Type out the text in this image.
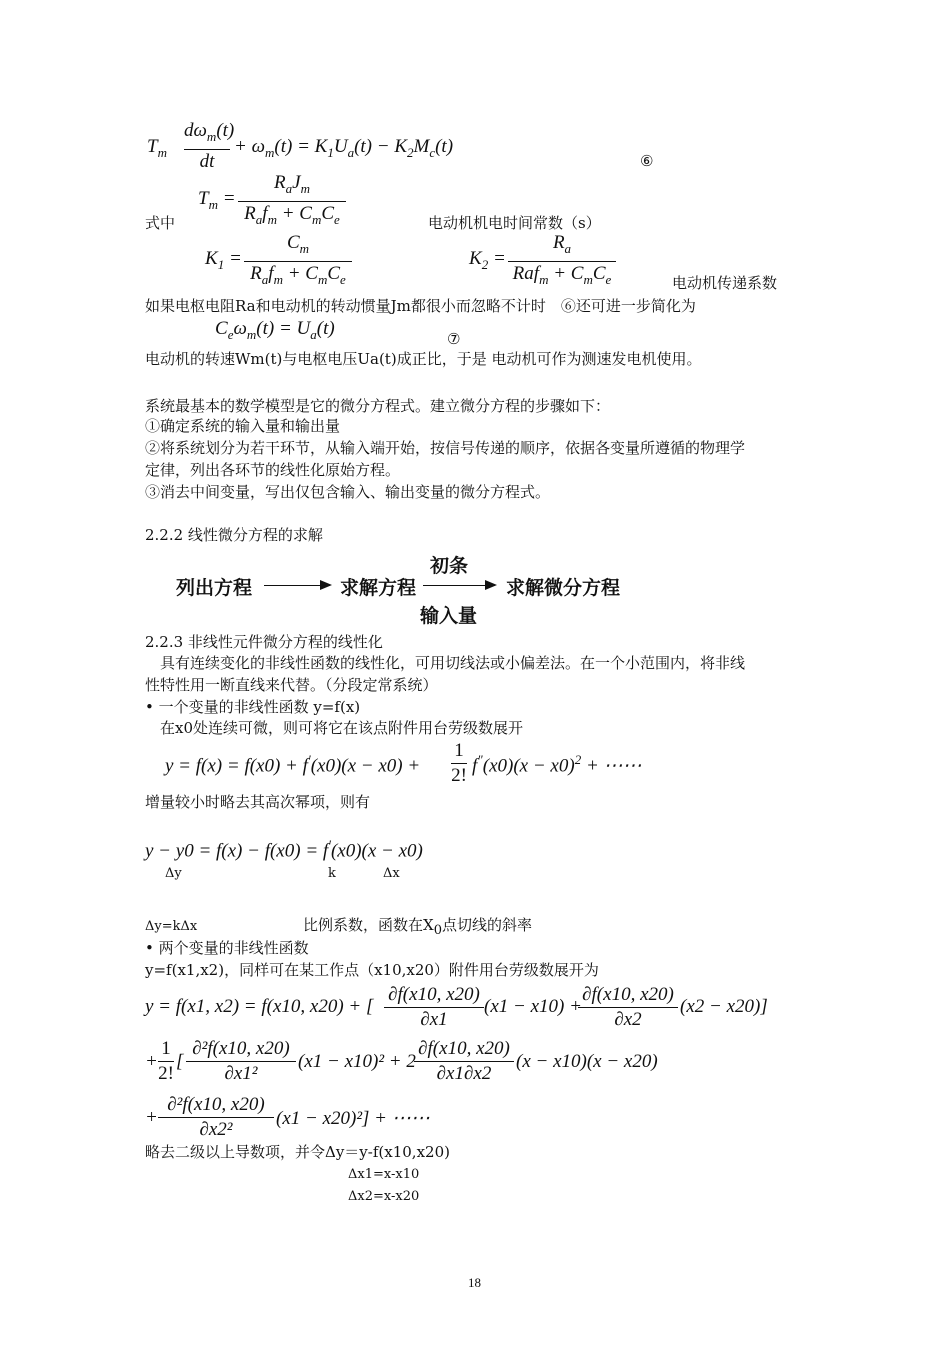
$T_m$
$d\omega_m(t)$
dt
+ $\omega_m(t) = K_1U_a(t) - K_2M_c(t)$
⑥
式中
$T_m$ =
$R_aJ_m$
$R_af_m + C_mC_e$	电动机机电时间常数（s）
$K_1$ =
$C_m$
$R_af_m + C_mC_e$
$K_2$ =
$R_a$
$Raf_m + C_mC_e$	电动机传递系数
如果电枢电阻Ra和电动机的转动惯量Jm都很小而忽略不计时　⑥还可进一步简化为
$C_e\omega_m(t) = U_a(t)$	⑦
电动机的转速Wm(t)与电枢电压Ua(t)成正比，于是 电动机可作为测速发电机使用。
系统最基本的数学模型是它的微分方程式。建立微分方程的步骤如下：
①确定系统的输入量和输出量
②将系统划分为若干环节，从输入端开始，按信号传递的顺序，依据各变量所遵循的物理学
定律，列出各环节的线性化原始方程。
③消去中间变量，写出仅包含输入、输出变量的微分方程式。
2.2.2 线性微分方程的求解
初条
列出方程	求解方程	求解微分方程
输入量
2.2.3 非线性元件微分方程的线性化
具有连续变化的非线性函数的线性化，可用切线法或小偏差法。在一个小范围内，将非线
性特性用一断直线来代替。（分段定常系统）
• 一个变量的非线性函数 y=f(x)
在x0处连续可微，则可将它在该点附件用台劳级数展开
y = f(x) = f(x0) + f'(x0)(x − x0) +
1
2! $f^"(x0)(x - x0)^2$ + ⋯⋯
增量较小时略去其高次幂项，则有
y − y0 = f(x) − f(x0) = f'(x0)(x − x0)
Δy	k	Δx
Δy=kΔx	比例系数，函数在$X_0$点切线的斜率
• 两个变量的非线性函数
y=f(x1,x2)，同样可在某工作点（x10,x20）附件用台劳级数展开为
y = f(x1, x2) = f(x10, x20) + [
∂f(x10, x20)
∂x1
(x1 − x10) +
∂f(x10, x20)
∂x2
(x2 − x20)]
+
1
2!
[
∂²f(x10, x20)
∂x1²
(x1 − x10)² + 2
∂f(x10, x20)
∂x1∂x2
(x − x10)(x − x20)
+
∂²f(x10, x20)
∂x2²
(x1 − x20)²] + ⋯⋯
略去二级以上导数项，并令Δy＝y-f(x10,x20)
Δx1=x-x10
Δx2=x-x20
18
